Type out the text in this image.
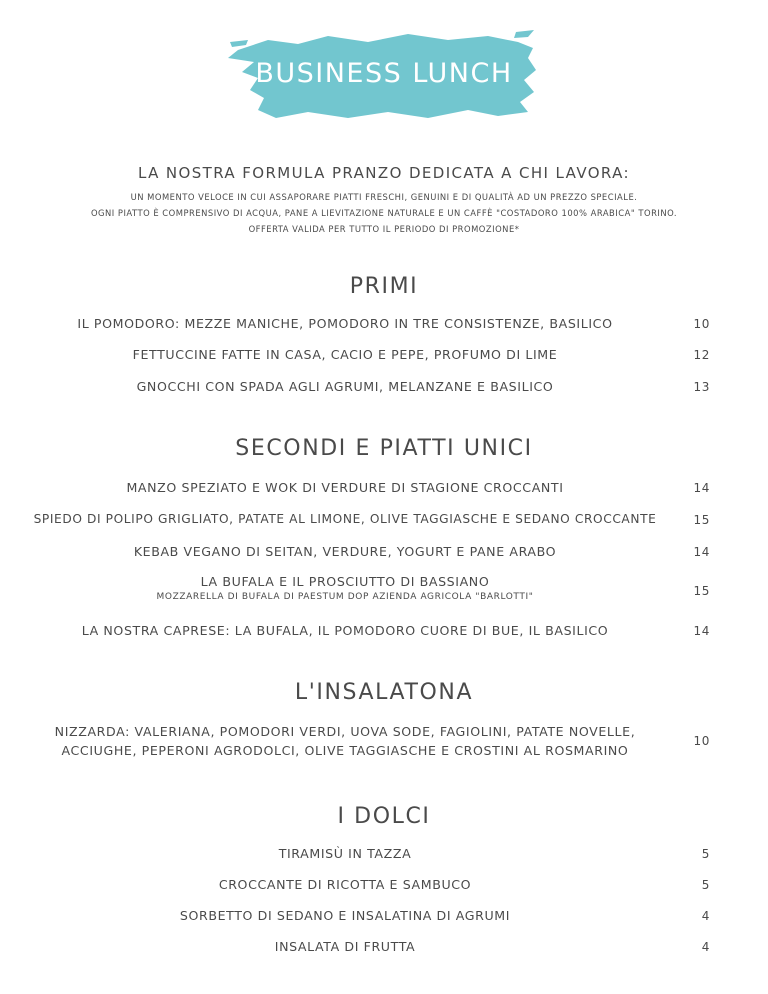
BUSINESS LUNCH
LA NOSTRA FORMULA PRANZO DEDICATA A CHI LAVORA:
UN MOMENTO VELOCE IN CUI ASSAPORARE PIATTI FRESCHI, GENUINI E DI QUALITÀ AD UN PREZZO SPECIALE.
OGNI PIATTO È COMPRENSIVO DI ACQUA, PANE A LIEVITAZIONE NATURALE E UN CAFFÈ "COSTADORO 100% ARABICA" TORINO.
OFFERTA VALIDA PER TUTTO IL PERIODO DI PROMOZIONE*
PRIMI
IL POMODORO: MEZZE MANICHE, POMODORO IN TRE CONSISTENZE, BASILICO	10
FETTUCCINE FATTE IN CASA, CACIO E PEPE, PROFUMO DI LIME	12
GNOCCHI CON SPADA AGLI AGRUMI, MELANZANE E BASILICO	13
SECONDI E PIATTI UNICI
MANZO SPEZIATO E WOK DI VERDURE DI STAGIONE CROCCANTI	14
SPIEDO DI POLIPO GRIGLIATO, PATATE AL LIMONE, OLIVE TAGGIASCHE E SEDANO CROCCANTE	15
KEBAB VEGANO DI SEITAN, VERDURE, YOGURT E PANE ARABO	14
LA BUFALA E IL PROSCIUTTO DI BASSIANO
MOZZARELLA DI BUFALA DI PAESTUM DOP AZIENDA AGRICOLA "BARLOTTI"	15
LA NOSTRA CAPRESE: LA BUFALA, IL POMODORO CUORE DI BUE, IL BASILICO	14
L'INSALATONA
NIZZARDA: VALERIANA, POMODORI VERDI, UOVA SODE, FAGIOLINI, PATATE NOVELLE,
ACCIUGHE, PEPERONI AGRODOLCI, OLIVE TAGGIASCHE E CROSTINI AL ROSMARINO
10
I DOLCI
TIRAMISÙ IN TAZZA	5
CROCCANTE DI RICOTTA E SAMBUCO	5
SORBETTO DI SEDANO E INSALATINA DI AGRUMI	4
INSALATA DI FRUTTA	4
